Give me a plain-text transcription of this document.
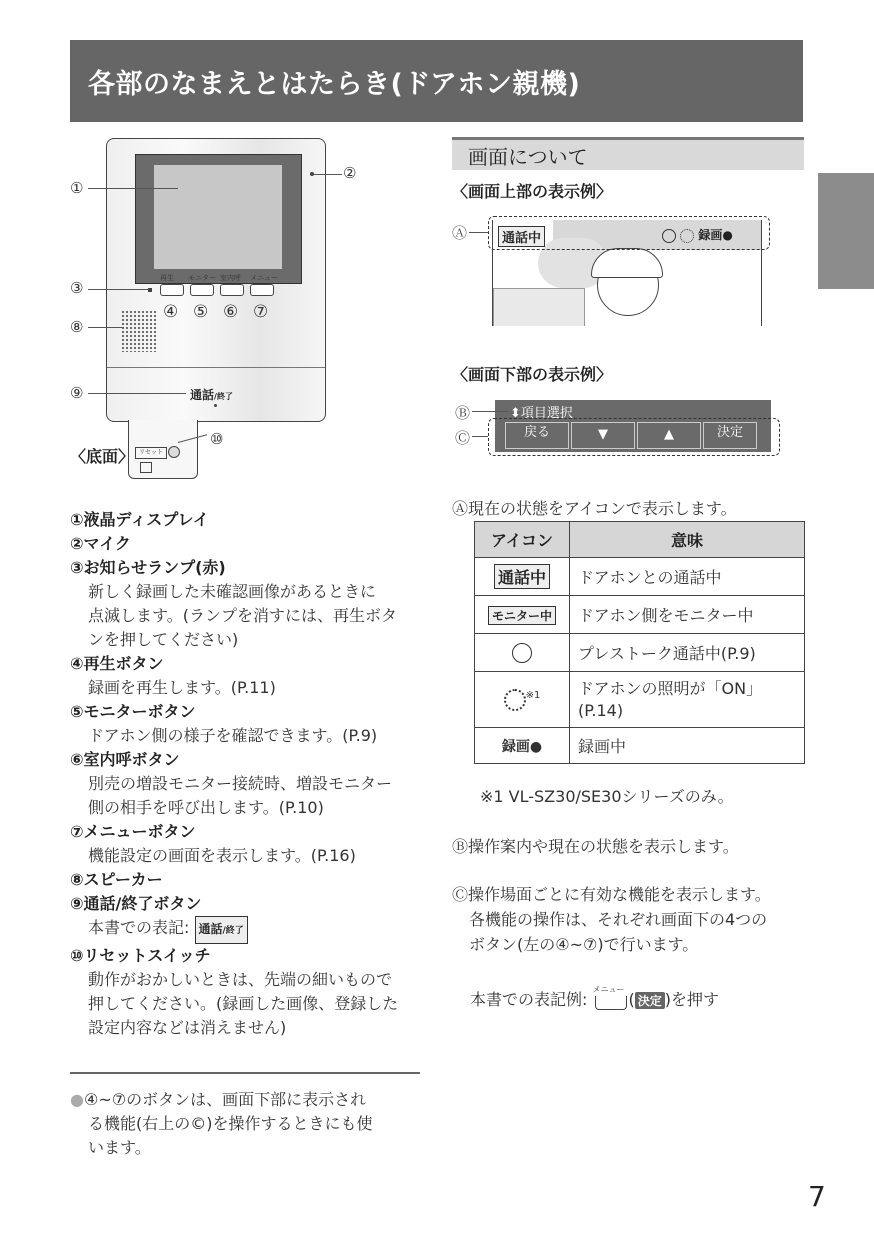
各部のなまえとはたらき(ドアホン親機)
再生 モニター 室内呼 メニュー
④ ⑤ ⑥ ⑦
通話/終了
①
②
③
⑧
⑨
リセット
〈底面〉
⑩
①液晶ディスプレイ
②マイク
③お知らせランプ(赤)
新しく録画した未確認画像があるときに
点滅します。(ランプを消すには、再生ボタ
ンを押してください)
④再生ボタン
録画を再生します。(P.11)
⑤モニターボタン
ドアホン側の様子を確認できます。(P.9)
⑥室内呼ボタン
別売の増設モニター接続時、増設モニター
側の相手を呼び出します。(P.10)
⑦メニューボタン
機能設定の画面を表示します。(P.16)
⑧スピーカー
⑨通話/終了ボタン
本書での表記: 通話/終了
⑩リセットスイッチ
動作がおかしいときは、先端の細いもので
押してください。(録画した画像、登録した
設定内容などは消えません)
●④~⑦のボタンは、画面下部に表示され
る機能(右上の©)を操作するときにも使
います。
画面について
〈画面上部の表示例〉
通話中	録画●
Ⓐ
〈画面下部の表示例〉
⬍項目選択
戻る	▼	▲	決定
Ⓑ
Ⓒ
Ⓐ現在の状態をアイコンで表示します。
アイコン	意味
通話中	ドアホンとの通話中
モニター中	ドアホン側をモニター中
	プレストーク通話中(P.9)
$^{※1}$	ドアホンの照明が「ON」
(P.14)

録画●	録画中
※1 VL-SZ30/SE30シリーズのみ。
Ⓑ操作案内や現在の状態を表示します。
Ⓒ操作場面ごとに有効な機能を表示します。
各機能の操作は、それぞれ画面下の4つの
ボタン(左の④~⑦)で行います。
本書での表記例:
メニュー
( 決定 )を押す
7
